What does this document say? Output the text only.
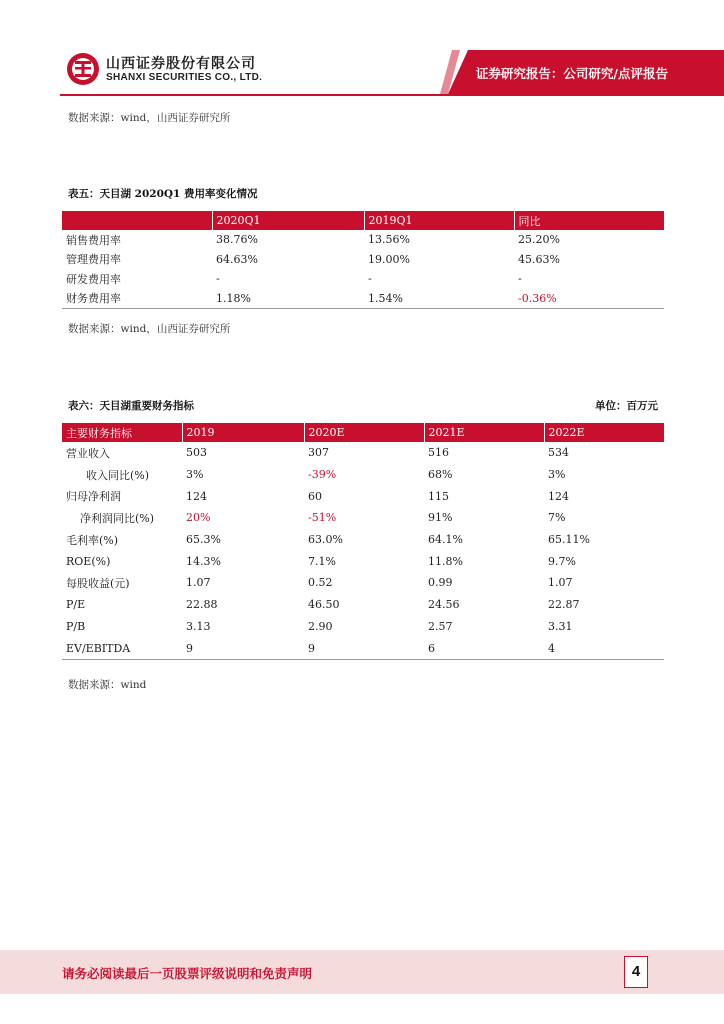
山西证券股份有限公司
SHANXI SECURITIES CO., LTD.	证券研究报告：公司研究/点评报告
数据来源：wind，山西证券研究所
表五：天目湖 2020Q1 费用率变化情况
	2020Q1	2019Q1	同比
销售费用率	38.76%	13.56%	25.20%
管理费用率	64.63%	19.00%	45.63%
研发费用率	-	-	-
财务费用率	1.18%	1.54%	-0.36%
数据来源：wind，山西证券研究所
表六：天目湖重要财务指标	单位：百万元
主要财务指标	2019	2020E	2021E	2022E
营业收入	503	307	516	534
收入同比(%)	3%	-39%	68%	3%
归母净利润	124	60	115	124
净利润同比(%)	20%	-51%	91%	7%
毛利率(%)	65.3%	63.0%	64.1%	65.11%
ROE(%)	14.3%	7.1%	11.8%	9.7%
每股收益(元)	1.07	0.52	0.99	1.07
P/E	22.88	46.50	24.56	22.87
P/B	3.13	2.90	2.57	3.31
EV/EBITDA	9	9	6	4
数据来源：wind
请务必阅读最后一页股票评级说明和免责声明	4
